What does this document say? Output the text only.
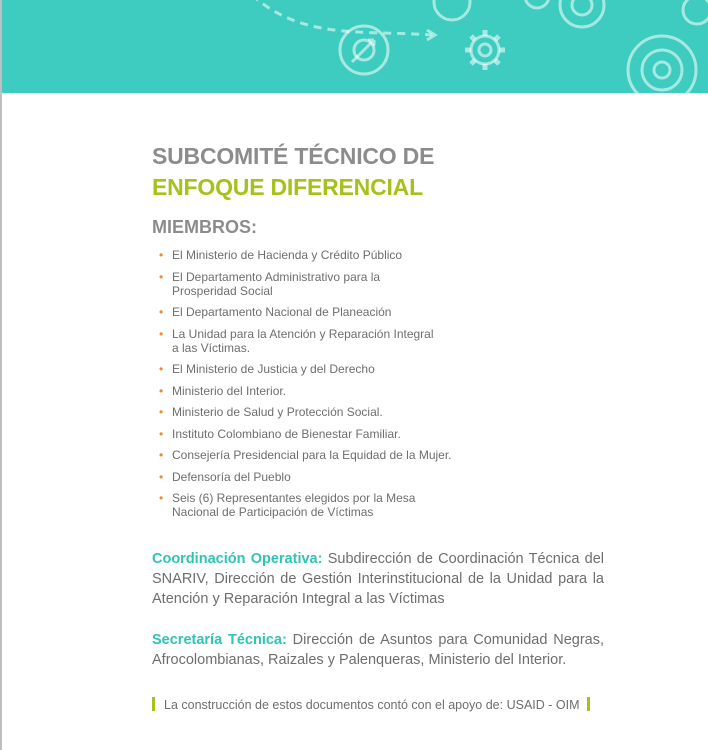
SUBCOMITÉ TÉCNICO DE
ENFOQUE DIFERENCIAL
MIEMBROS:
• El Ministerio de Hacienda y Crédito Público
• El Departamento Administrativo para la
Prosperidad Social
• El Departamento Nacional de Planeación
• La Unidad para la Atención y Reparación Integral
a las Víctimas.
• El Ministerio de Justicia y del Derecho
• Ministerio del Interior.
• Ministerio de Salud y Protección Social.
• Instituto Colombiano de Bienestar Familiar.
• Consejería Presidencial para la Equidad de la Mujer.
• Defensoría del Pueblo
• Seis (6) Representantes elegidos por la Mesa
Nacional de Participación de Víctimas
Coordinación Operativa: Subdirección de Coordinación Técnica del SNARIV, Dirección de Gestión Interinstitucional de la Unidad para la Atención y Reparación Integral a las Víctimas
Secretaría Técnica: Dirección de Asuntos para Comunidad Negras, Afrocolombianas, Raizales y Palenqueras, Ministerio del Interior.
La construcción de estos documentos contó con el apoyo de: USAID - OIM
